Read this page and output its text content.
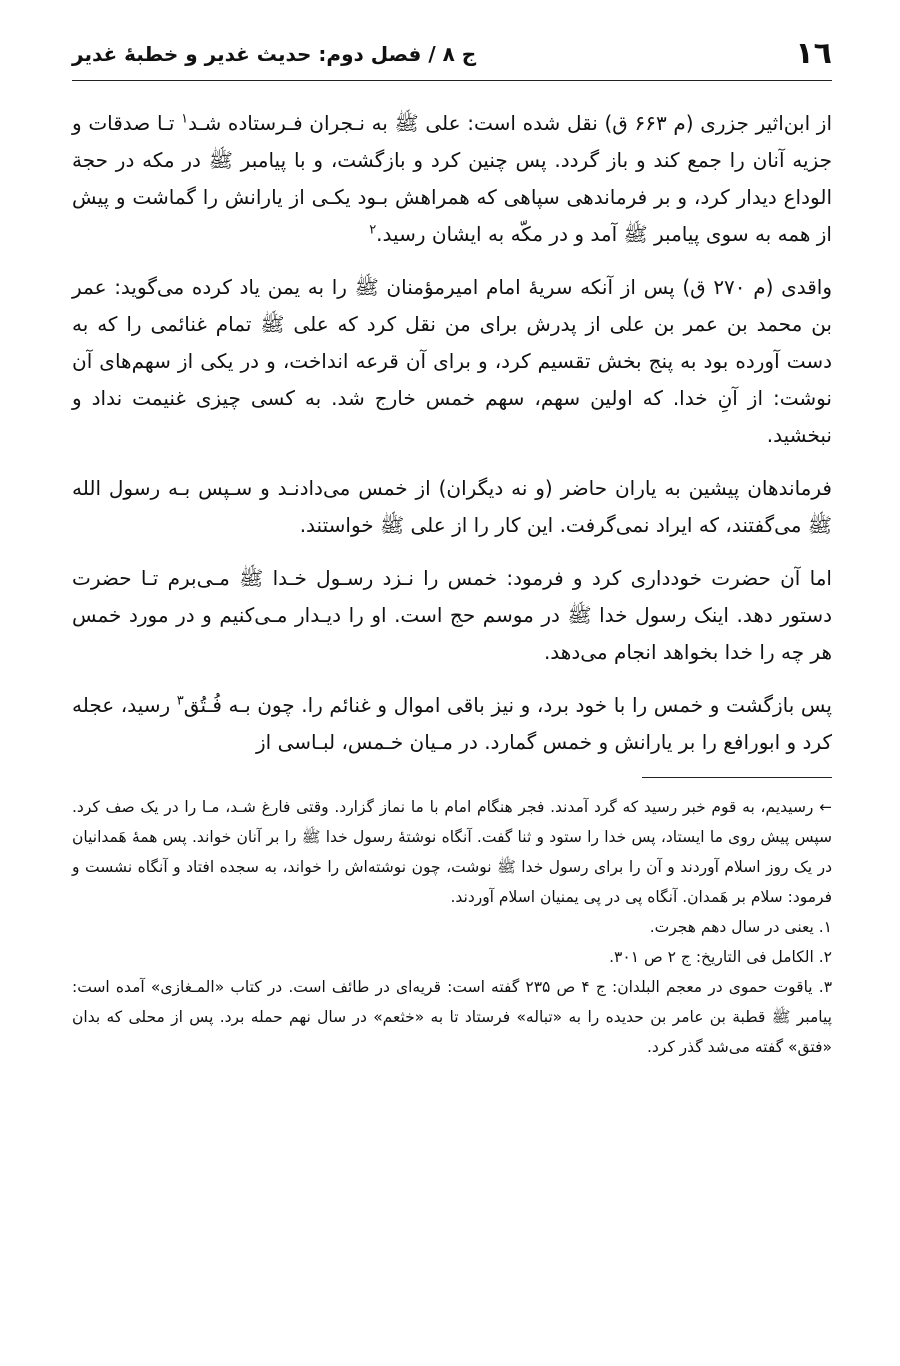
١٦
ج ٨ / فصل دوم: حدیث غدیر و خطبۀ غدیر

از ابن‌اثیر جزری (م ۶۶۳ ق) نقل شده است: علی ﷺ به نـجران فـرستاده شـد$^۱$ تـا صدقات و جزیه آنان را جمع کند و باز گردد. پس چنین کرد و بازگشت، و با پیامبر ﷺ در مکه در حجة الوداع دیدار کرد، و بر فرماندهی سپاهی که همراهش بـود یکـی از یارانش را گماشت و پیش از همه به سوی پیامبر ﷺ آمد و در مکّه به ایشان رسید.$^۲$

واقدی (م ۲۷۰ ق) پس از آنکه سریۀ امام امیرمؤمنان ﷺ را به یمن یاد کرده می‌گوید: عمر بن محمد بن عمر بن علی از پدرش برای من نقل کرد که علی ﷺ تمام غنائمی را که به دست آورده بود به پنج بخش تقسیم کرد، و برای آن قرعه انداخت، و در یکی از سهم‌های آن نوشت: از آنِ خدا. که اولین سهم، سهم خمس خارج شد. به کسی چیزی غنیمت نداد و نبخشید.

فرماندهان پیشین به یاران حاضر (و نه دیگران) از خمس می‌دادنـد و سـپس بـه رسول الله ﷺ می‌گفتند، که ایراد نمی‌گرفت. این کار را از علی ﷺ خواستند.

اما آن حضرت خودداری کرد و فرمود: خمس را نـزد رسـول خـدا ﷺ مـی‌برم تـا حضرت دستور دهد. اینک رسول خدا ﷺ در موسم حج است. او را دیـدار مـی‌کنیم و در مورد خمس هر چه را خدا بخواهد انجام می‌دهد.

پس بازگشت و خمس را با خود برد، و نیز باقی اموال و غنائم را. چون بـه فُـتُق$^۳$ رسید، عجله کرد و ابورافع را بر یارانش و خمس گمارد. در مـیان خـمس، لبـاسی از

←رسیدیم، به قوم خبر رسید که گرد آمدند. فجر هنگام امام با ما نماز گزارد. وقتی فارغ شـد، مـا را در یک صف کرد. سپس پیش روی ما ایستاد، پس خدا را ستود و ثنا گفت. آنگاه نوشتۀ رسول خدا ﷺ را بر آنان خواند. پس همۀ هَمدانیان در یک روز اسلام آوردند و آن را برای رسول خدا ﷺ نوشت، چون نوشته‌اش را خواند، به سجده افتاد و آنگاه نشست و فرمود: سلام بر هَمدان. آنگاه پی در پی یمنیان اسلام آوردند.

۱. یعنی در سال دهم هجرت.

۲. الکامل فی التاریخ: ج ۲ ص ۳۰۱.

۳. یاقوت حموی در معجم البلدان: ج ۴ ص ۲۳۵ گفته است: قریه‌ای در طائف است. در کتاب «المـغازی» آمده است: پیامبر ﷺ قطبة بن عامر بن حدیده را به «تباله» فرستاد تا به «خثعم» در سال نهم حمله برد. پس از محلی که بدان «فتق» گفته می‌شد گذر کرد.
